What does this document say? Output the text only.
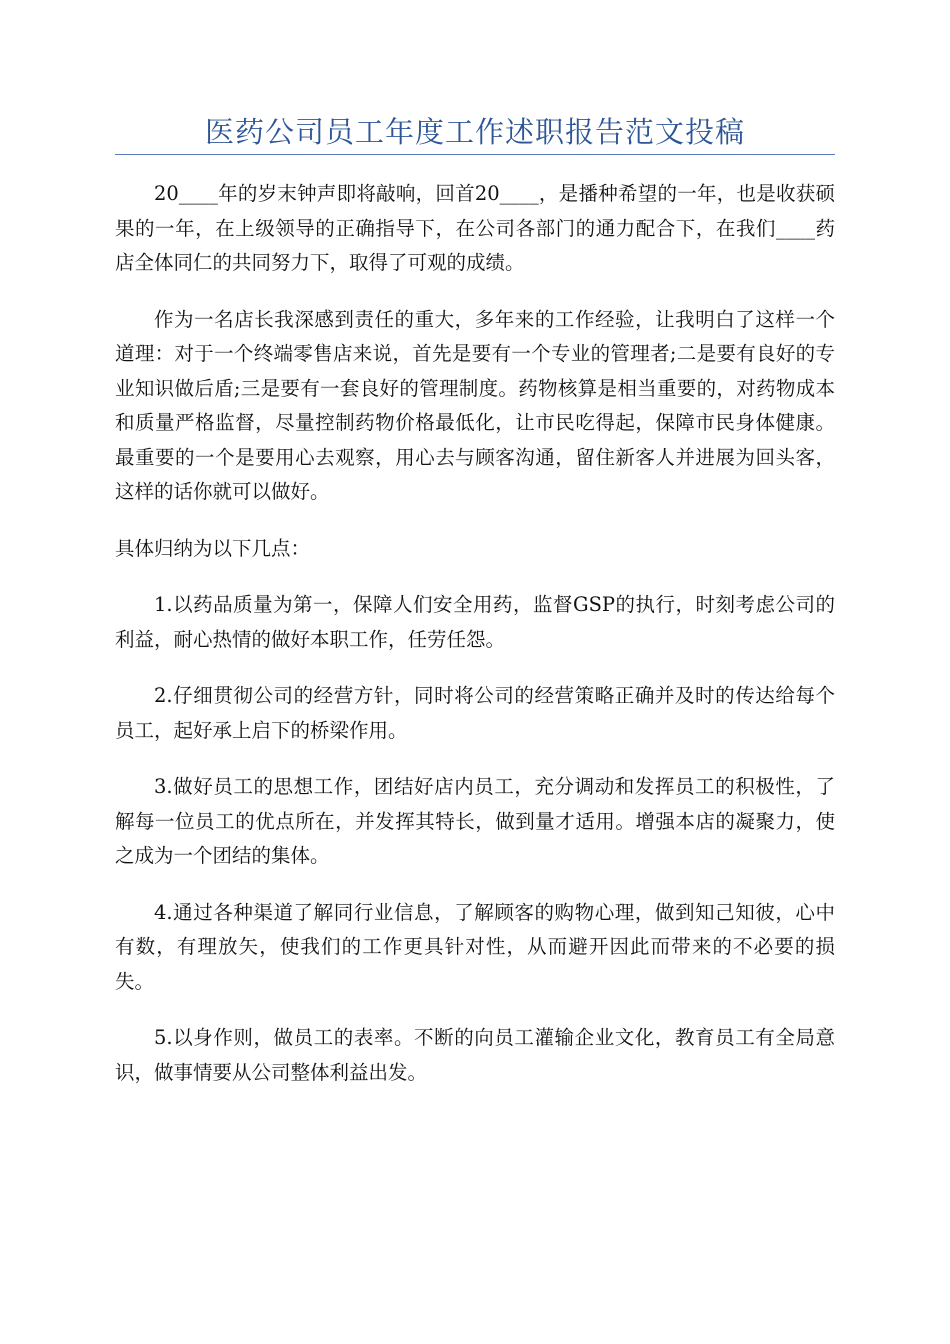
医药公司员工年度工作述职报告范文投稿

20____年的岁末钟声即将敲响，回首20____，是播种希望的一年，也是收获硕果的一年，在上级领导的正确指导下，在公司各部门的通力配合下，在我们____药店全体同仁的共同努力下，取得了可观的成绩。

作为一名店长我深感到责任的重大，多年来的工作经验，让我明白了这样一个道理：对于一个终端零售店来说，首先是要有一个专业的管理者;二是要有良好的专业知识做后盾;三是要有一套良好的管理制度。药物核算是相当重要的，对药物成本和质量严格监督，尽量控制药物价格最低化，让市民吃得起，保障市民身体健康。最重要的一个是要用心去观察，用心去与顾客沟通，留住新客人并进展为回头客，这样的话你就可以做好。

具体归纳为以下几点：

1.以药品质量为第一，保障人们安全用药，监督GSP的执行，时刻考虑公司的利益，耐心热情的做好本职工作，任劳任怨。

2.仔细贯彻公司的经营方针，同时将公司的经营策略正确并及时的传达给每个员工，起好承上启下的桥梁作用。

3.做好员工的思想工作，团结好店内员工，充分调动和发挥员工的积极性，了解每一位员工的优点所在，并发挥其特长，做到量才适用。增强本店的凝聚力，使之成为一个团结的集体。

4.通过各种渠道了解同行业信息，了解顾客的购物心理，做到知己知彼，心中有数，有理放矢，使我们的工作更具针对性，从而避开因此而带来的不必要的损失。

5.以身作则，做员工的表率。不断的向员工灌输企业文化，教育员工有全局意识，做事情要从公司整体利益出发。
